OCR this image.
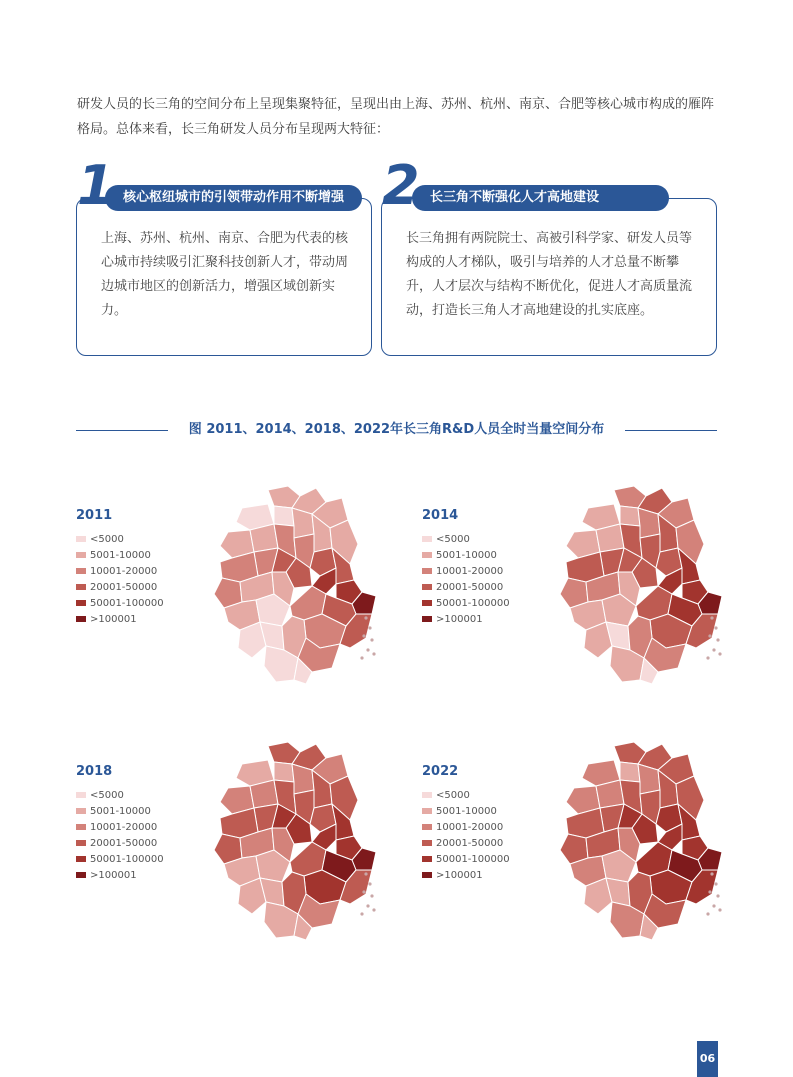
研发人员的长三角的空间分布上呈现集聚特征，呈现出由上海、苏州、杭州、南京、合肥等核心城市构成的雁阵格局。总体来看，长三角研发人员分布呈现两大特征：

核心枢纽城市的引领带动作用不断增强
1

上海、苏州、杭州、南京、合肥为代表的核心城市持续吸引汇聚科技创新人才，带动周边城市地区的创新活力，增强区域创新实力。

长三角不断强化人才高地建设
2

长三角拥有两院院士、高被引科学家、研发人员等构成的人才梯队，吸引与培养的人才总量不断攀升，人才层次与结构不断优化，促进人才高质量流动，打造长三角人才高地建设的扎实底座。

图 2011、2014、2018、2022年长三角R&D人员全时当量空间分布
2011
<5000
5001-10000
10001-20000
20001-50000
50001-100000
>100001
2014
<5000
5001-10000
10001-20000
20001-50000
50001-100000
>100001
2018
<5000
5001-10000
10001-20000
20001-50000
50001-100000
>100001
2022
<5000
5001-10000
10001-20000
20001-50000
50001-100000
>100001
06
